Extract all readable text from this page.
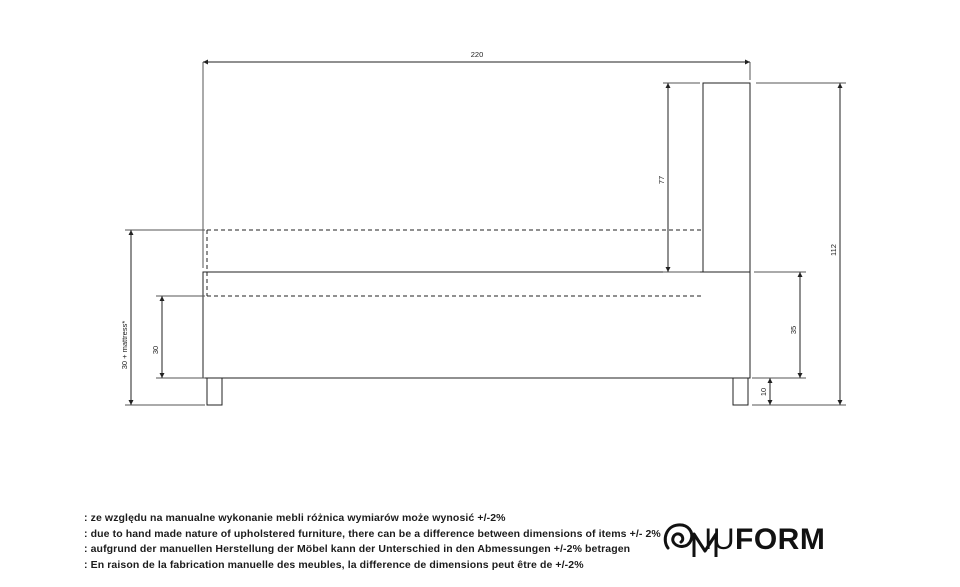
220
112
77
35
10
30
30 + mattress*
: ze względu na manualne wykonanie mebli różnica wymiarów może wynosić +/-2%
: due to hand made nature of upholstered furniture, there can be a difference between dimensions of items +/- 2%
: aufgrund der manuellen Herstellung der Möbel kann der Unterschied in den Abmessungen +/-2% betragen
: En raison de la fabrication manuelle des meubles, la difference de dimensions peut être de +/-2%
IUFORM
